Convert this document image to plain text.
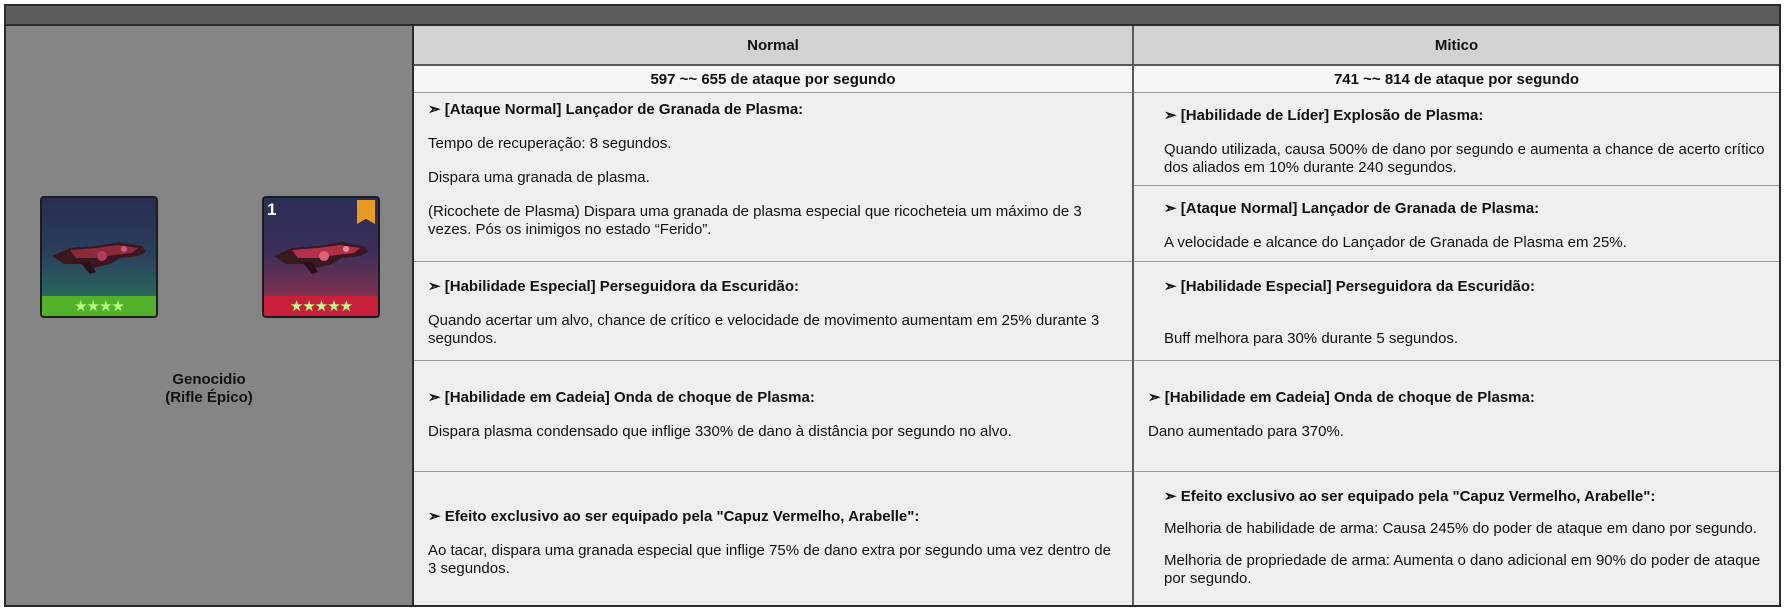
★★★★
1
★★★★★
Genocidio
(Rifle Épico)
Normal	Mitico
597 ~~ 655 de ataque por segundo	741 ~~ 814 de ataque por segundo

➣ [Ataque Normal] Lançador de Granada de Plasma:

Tempo de recuperação: 8 segundos.

Dispara uma granada de plasma.

(Ricochete de Plasma) Dispara uma granada de plasma especial que ricocheteia um máximo de 3 vezes. Pós os inimigos no estado “Ferido”.

➣ [Habilidade Especial] Perseguidora da Escuridão:

Quando acertar um alvo, chance de crítico e velocidade de movimento aumentam em 25% durante 3 segundos.

➣ [Habilidade em Cadeia] Onda de choque de Plasma:

Dispara plasma condensado que inflige 330% de dano à distância por segundo no alvo.

➣ Efeito exclusivo ao ser equipado pela "Capuz Vermelho, Arabelle":

Ao tacar, dispara uma granada especial que inflige 75% de dano extra por segundo uma vez dentro de 3 segundos.

➣ [Habilidade de Líder] Explosão de Plasma:

Quando utilizada, causa 500% de dano por segundo e aumenta a chance de acerto crítico dos aliados em 10% durante 240 segundos.

➣ [Ataque Normal] Lançador de Granada de Plasma:

A velocidade e alcance do Lançador de Granada de Plasma em 25%.

➣ [Habilidade Especial] Perseguidora da Escuridão:

Buff melhora para 30% durante 5 segundos.

➣ [Habilidade em Cadeia] Onda de choque de Plasma:

Dano aumentado para 370%.

➣ Efeito exclusivo ao ser equipado pela "Capuz Vermelho, Arabelle":

Melhoria de habilidade de arma: Causa 245% do poder de ataque em dano por segundo.

Melhoria de propriedade de arma: Aumenta o dano adicional em 90% do poder de ataque por segundo.
